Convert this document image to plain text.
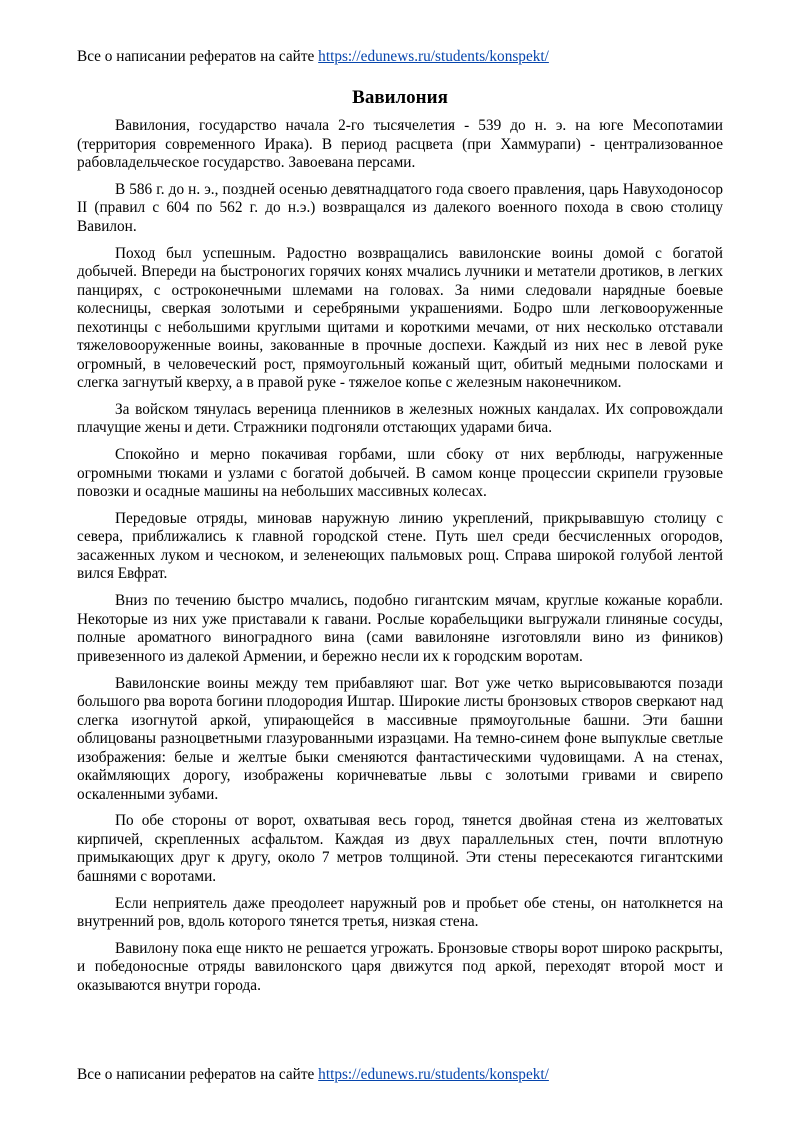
Все о написании рефератов на сайте https://edunews.ru/students/konspekt/
Вавилония

Вавилония, государство начала 2-го тысячелетия - 539 до н. э. на юге Месопотамии (территория современного Ирака). В период расцвета (при Хаммурапи) - централизованное рабовладельческое государство. Завоевана персами.

В 586 г. до н. э., поздней осенью девятнадцатого года своего правления, царь Навуходоносор II (правил с 604 по 562 г. до н.э.) возвращался из далекого военного похода в свою столицу Вавилон.

Поход был успешным. Радостно возвращались вавилонские воины домой с богатой добычей. Впереди на быстроногих горячих конях мчались лучники и метатели дротиков, в легких панцирях, с остроконечными шлемами на головах. За ними следовали нарядные боевые колесницы, сверкая золотыми и серебряными украшениями. Бодро шли легковооруженные пехотинцы с небольшими круглыми щитами и короткими мечами, от них несколько отставали тяжеловооруженные воины, закованные в прочные доспехи. Каждый из них нес в левой руке огромный, в человеческий рост, прямоугольный кожаный щит, обитый медными полосками и слегка загнутый кверху, а в правой руке - тяжелое копье с железным наконечником.

За войском тянулась вереница пленников в железных ножных кандалах. Их сопровождали плачущие жены и дети. Стражники подгоняли отстающих ударами бича.

Спокойно и мерно покачивая горбами, шли сбоку от них верблюды, нагруженные огромными тюками и узлами с богатой добычей. В самом конце процессии скрипели грузовые повозки и осадные машины на небольших массивных колесах.

Передовые отряды, миновав наружную линию укреплений, прикрывавшую столицу с севера, приближались к главной городской стене. Путь шел среди бесчисленных огородов, засаженных луком и чесноком, и зеленеющих пальмовых рощ. Справа широкой голубой лентой вился Евфрат.

Вниз по течению быстро мчались, подобно гигантским мячам, круглые кожаные корабли. Некоторые из них уже приставали к гавани. Рослые корабельщики выгружали глиняные сосуды, полные ароматного виноградного вина (сами вавилоняне изготовляли вино из фиников) привезенного из далекой Армении, и бережно несли их к городским воротам.

Вавилонские воины между тем прибавляют шаг. Вот уже четко вырисовываются позади большого рва ворота богини плодородия Иштар. Широкие листы бронзовых створов сверкают над слегка изогнутой аркой, упирающейся в массивные прямоугольные башни. Эти башни облицованы разноцветными глазурованными изразцами. На темно-синем фоне выпуклые светлые изображения: белые и желтые быки сменяются фантастическими чудовищами. А на стенах, окаймляющих дорогу, изображены коричневатые львы с золотыми гривами и свирепо оскаленными зубами.

По обе стороны от ворот, охватывая весь город, тянется двойная стена из желтоватых кирпичей, скрепленных асфальтом. Каждая из двух параллельных стен, почти вплотную примыкающих друг к другу, около 7 метров толщиной. Эти стены пересекаются гигантскими башнями с воротами.

Если неприятель даже преодолеет наружный ров и пробьет обе стены, он натолкнется на внутренний ров, вдоль которого тянется третья, низкая стена.

Вавилону пока еще никто не решается угрожать. Бронзовые створы ворот широко раскрыты, и победоносные отряды вавилонского царя движутся под аркой, переходят второй мост и оказываются внутри города.

Все о написании рефератов на сайте https://edunews.ru/students/konspekt/
